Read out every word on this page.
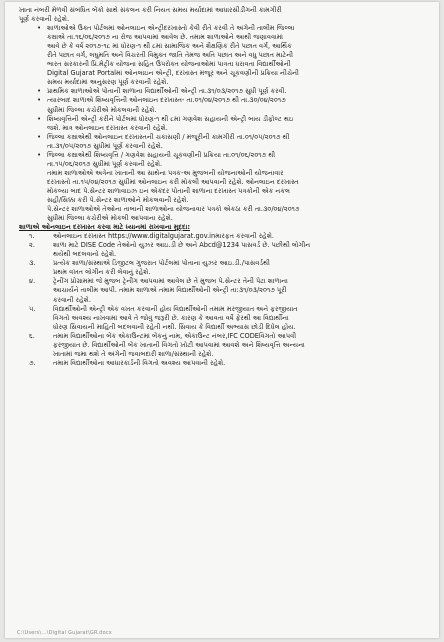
ખાતા નંબરી મેળવી સંબંધિત બેંકો સાથે સંકલન કરી નિયત સમય મર્યાદામાં આધારસીડીંગની કામગીરી

પૂર્ણ કરવાની રહેશે.

• શાળાઓએ ઉક્ત પોર્ટલમાં ઓનલાઇન એન્ટ્રીદરખાસ્તો કેવી રીતે કરવી તે અંગેની તાલીમ જિલ્લા
કક્ષાએ તા.૧૬/૦૬/૨૦૧૭ ના રોજ આપવામાં આવેલ છે. તમામ શાળાઓને આથી જણાવવામાં
આવે છે કે વર્ષ ૨૦૧૭-૧૮ માં ધોરણ-૧ થી ૮માં સામાજિક અને શૈક્ષણિક રીતે પછાત વર્ગ, આર્થિક
રીતે પછાત વર્ગ, લઘુમતિ અને વિચરતી વિમુક્ત જાતિ તેમજ અતિ પછાત અને વધુ પછાત માટેની
ભારત સરકારની પ્રિ.મેટ્રીક યોજના સહિત ઉપરોક્ત યોજનાઓમાં પાત્રતા ધરાવતા વિદ્યાર્થીઓની
Digital Gujarat Portalમાં ઓનલાઇન એન્ટ્રી, દરખાસ્ત મંજૂર અને ચૂકવણીની પ્રક્રિયા નીચેની
સમય મર્યાદામાં અનુસરણ પૂર્ણ કરવાની રહેશે.
• પ્રાથમિક શાળાઓએ પોતાની શાળાના વિદ્યાર્થીઓની એન્ટ્રી તા.૩૧/૦૩/૨૦૧૭ સુધી પૂર્ણ કરવી.
• ત્યારબાદ શાળાએ શિષ્યવૃત્તિની ઓનલાઇન દરખાસ્ત- તા.૦૧/૦૪/૨૦૧૭ થી તા.૩૦/૦૪/૨૦૧૭
સુધીમાં જિલ્લા કચેરીએ મોકલવાની રહેશે.
• શિષ્યવૃત્તિની એન્ટ્રી કરીને પોર્ટલમાં ધોરણ-૧ થી ૮માં ગણવેશ સહાયની એન્ટ્રી બાય ડીફોલ્ટ થઇ
જશે. માત્ર ઓનલાઇન દરખાસ્ત કરવાની રહેશે.
• જિલ્લા કક્ષાએથી ઓનલાઇન દરખાસ્તની ચકાસણી / મંજૂરીની કામગીરી તા.૦૧/૦૫/૨૦૧૭ થી
તા.૩૧/૦૫/૨૦૧૭ સુધીમાં પૂર્ણ કરવાની રહેશે.
• જિલ્લા કક્ષાએથી શિષ્યવૃત્તિ / ગણવેશ સહાયની ચૂકવણીની પ્રક્રિયા તા.૦૧/૦૬/૨૦૧૭ થી
તા.૧૫/૦૬/૨૦૧૭ સુધીમાં પૂર્ણ કરવાની રહેશે.

તમામ શાળાઓએ અત્રેના ખાતાની આ સાથેના પત્રક-અ મુજબની યોજનાઓની યોજનાવાર

દરખાસ્તો તા.૧૫/૦૪/૨૦૧૭ સુધીમાં ઓનલાઇન કરી મોકલી આપવાની રહેશે. ઓનલાઇન દરખાસ્ત

મોકલ્યા બાદ પે.સેન્ટર શાળાવાઇઝ ઇન એકંદર પોતાની શાળાના દરખાસ્ત પત્રકોની એક નકલ

સહી/સિક્કા કરી પે.સેન્ટર શાળાઓને મોકલવાની રહેશે.

પે.સેન્ટર શાળાઓએ તેઓના તાબાની શાળાઓના યોજનાવાર પત્રકો એકઠા કરી તા.૩૦/૦૪/૨૦૧૭

સુધીમાં જિલ્લા કચેરીએ મોકલી આપવાના રહેશે.

શાળાએ ઓનલાઇન દરખાસ્ત કરવા માટે ધ્યાનમાં રાખવાના મુદ્દા:

૧.	ઓનલાઇન દરખાસ્ત https://www.digitalgujarat.gov.inમારફત કરવાની રહેશે.
૨.	શાળા માટે DISE Code તેઓનો યુઝર આઇ.ડી છે અને Abcd@1234 પાસવર્ડ છે. પછીથી લોગીન
થયેથી બદલવાનો રહેશે.
૩.	પ્રત્યેક શાળા/સંસ્થાએ ડિજીટલ ગુજરાત પોર્ટલમાં પોતાના યુઝર આઇ.ડી./પાસવર્ડથી
પ્રથમ વખત લોગીન કરી લેવાનું રહેશે.
૪.	ટ્રેનીંગ પ્રોગ્રામમાં જે મુજબ ટ્રેનીંગ આપવામાં આવેલ છે તે મુજબ પે.સેન્ટર તેની પેટા શાળાના
આચાર્યને તાલીમ આપી. તમામ શાળાએ તમામ વિદ્યાર્થીઓની એન્ટ્રી તા:૩૧/૦૩/૨૦૧૭ પૂરી
કરવાની રહેશે.
૫.	વિદ્યાર્થીઓની એન્ટ્રી એક વખત કરવાની હોય વિદ્યાર્થીઓની તમામ મરજીયાત અને ફરજીયાત
વિગતો અવશ્ય નાખવામાં આવે તે જોવું જરૂરી છે. કારણ કે આવતા વર્ષે ફેરથી આ વિદ્યાર્થીના
ધોરણ સિવાયની માહિતી બદલવાની રહેતી નથી. સિવાય કે વિદ્યાર્થી અભ્યાસ છોડી દિધેલ હોય.
૬.	તમામ વિદ્યાર્થીઓના બેંક એકાઉન્ટમાં બેંકનું નામ, એકાઉન્ટ નંબર,IFC CODEવિગતો આપવી
ફરજીયાત છે. વિદ્યાર્થીઓની બેંક ખાતાની વિગતો ખોટી આપવામાં આવશે અને શિષ્યવૃત્તિ અન્યના
ખાતામાં જમા થશે તે અંગેની જવાબદારી શાળા/સંસ્થાની રહેશે.
૭.	તમામ વિદ્યાર્થીઓના આધારકાર્ડની વિગતો અવશ્ય આપવાની રહેશે.
C:\Users\...\Digital Gujarat\GR.docx
